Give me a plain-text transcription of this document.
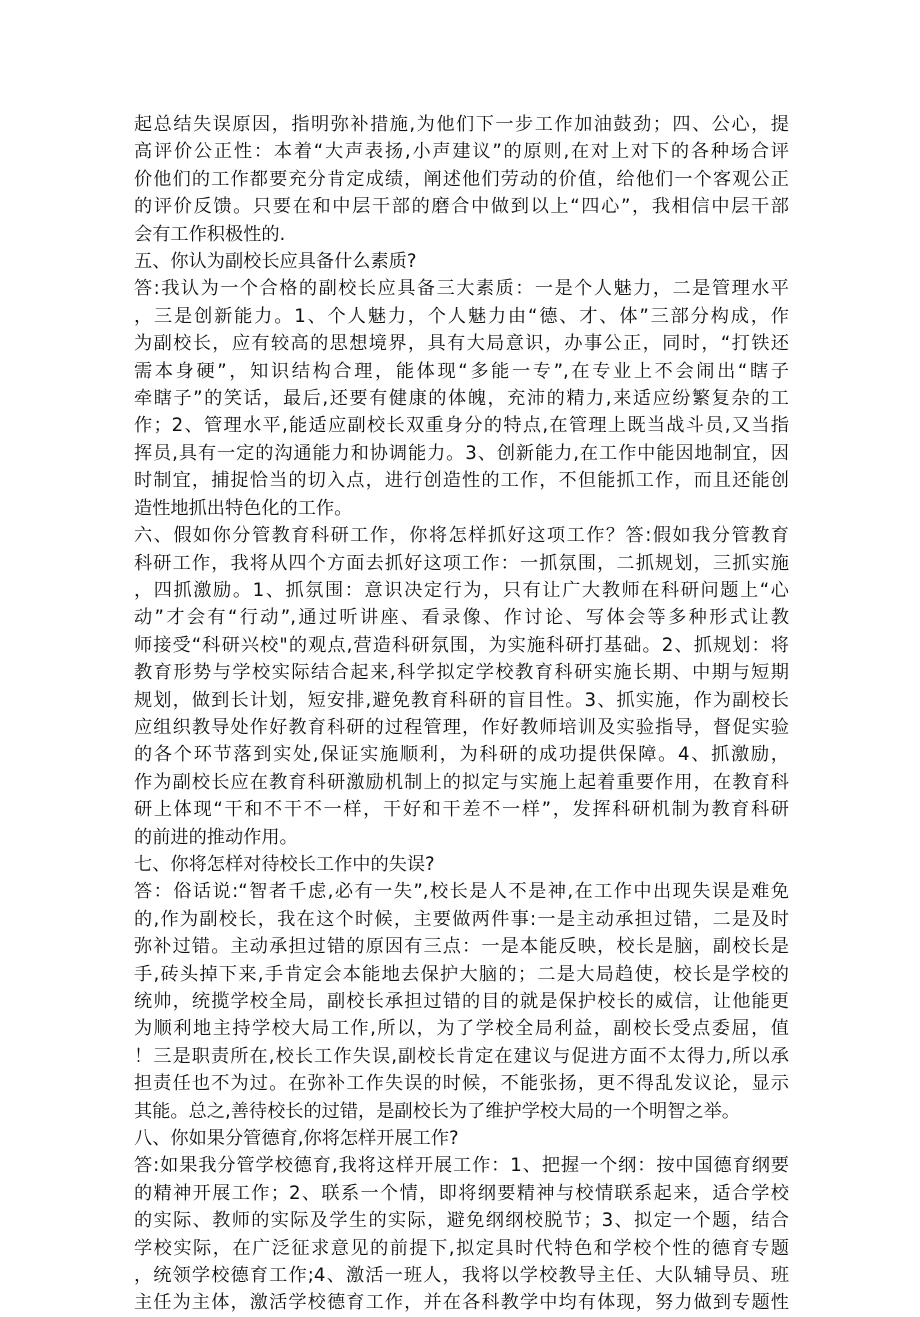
起总结失误原因，指明弥补措施,为他们下一步工作加油鼓劲；四、公心，提
高评价公正性：本着“大声表扬,小声建议”的原则,在对上对下的各种场合评
价他们的工作都要充分肯定成绩，阐述他们劳动的价值，给他们一个客观公正
的评价反馈。只要在和中层干部的磨合中做到以上“四心”，我相信中层干部
会有工作积极性的.
五、你认为副校长应具备什么素质?
答:我认为一个合格的副校长应具备三大素质：一是个人魅力，二是管理水平
，三是创新能力。1、个人魅力，个人魅力由“德、才、体”三部分构成，作
为副校长，应有较高的思想境界，具有大局意识，办事公正，同时，“打铁还
需本身硬”，知识结构合理，能体现“多能一专”,在专业上不会闹出“瞎子
牵瞎子”的笑话，最后,还要有健康的体魄，充沛的精力,来适应纷繁复杂的工
作；2、管理水平,能适应副校长双重身分的特点,在管理上既当战斗员,又当指
挥员,具有一定的沟通能力和协调能力。3、创新能力,在工作中能因地制宜，因
时制宜，捕捉恰当的切入点，进行创造性的工作，不但能抓工作，而且还能创
造性地抓出特色化的工作。
六、假如你分管教育科研工作，你将怎样抓好这项工作？答:假如我分管教育
科研工作，我将从四个方面去抓好这项工作：一抓氛围，二抓规划，三抓实施
，四抓激励。1、抓氛围：意识决定行为，只有让广大教师在科研问题上“心
动”才会有“行动”,通过听讲座、看录像、作讨论、写体会等多种形式让教
师接受“科研兴校"的观点,营造科研氛围，为实施科研打基础。2、抓规划：将
教育形势与学校实际结合起来,科学拟定学校教育科研实施长期、中期与短期
规划，做到长计划，短安排,避免教育科研的盲目性。3、抓实施，作为副校长
应组织教导处作好教育科研的过程管理，作好教师培训及实验指导，督促实验
的各个环节落到实处,保证实施顺利，为科研的成功提供保障。4、抓激励，
作为副校长应在教育科研激励机制上的拟定与实施上起着重要作用，在教育科
研上体现“干和不干不一样，干好和干差不一样”，发挥科研机制为教育科研
的前进的推动作用。
七、你将怎样对待校长工作中的失误?
答：俗话说:“智者千虑,必有一失”,校长是人不是神,在工作中出现失误是难免
的,作为副校长，我在这个时候，主要做两件事:一是主动承担过错，二是及时
弥补过错。主动承担过错的原因有三点：一是本能反映，校长是脑，副校长是
手,砖头掉下来,手肯定会本能地去保护大脑的；二是大局趋使，校长是学校的
统帅，统揽学校全局，副校长承担过错的目的就是保护校长的威信，让他能更
为顺利地主持学校大局工作,所以，为了学校全局利益，副校长受点委屈，值
！三是职责所在,校长工作失误,副校长肯定在建议与促进方面不太得力,所以承
担责任也不为过。在弥补工作失误的时候，不能张扬，更不得乱发议论，显示
其能。总之,善待校长的过错，是副校长为了维护学校大局的一个明智之举。
八、你如果分管德育,你将怎样开展工作?
答:如果我分管学校德育,我将这样开展工作：1、把握一个纲：按中国德育纲要
的精神开展工作；2、联系一个情，即将纲要精神与校情联系起来，适合学校
的实际、教师的实际及学生的实际，避免纲纲校脱节；3、拟定一个题，结合
学校实际，在广泛征求意见的前提下,拟定具时代特色和学校个性的德育专题
，统领学校德育工作;4、激活一班人，我将以学校教导主任、大队辅导员、班
主任为主体，激活学校德育工作，并在各科教学中均有体现，努力做到专题性
